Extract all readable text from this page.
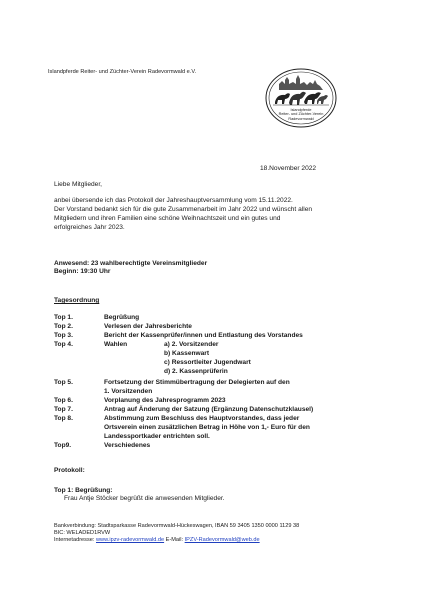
Islandpferde Reiter- und Züchter-Verein Radevormwald e.V.
Islandpferde
Reiter- und Züchter-Verein
Radevormwald
18.November 2022
Liebe Mitglieder,
anbei übersende ich das Protokoll der Jahreshauptversammlung vom 15.11.2022.
Der Vorstand bedankt sich für die gute Zusammenarbeit im Jahr 2022 und wünscht allen
Mitgliedern und ihren Familien eine schöne Weihnachtszeit und ein gutes und
erfolgreiches Jahr 2023.
Anwesend: 23 wahlberechtigte Vereinsmitglieder
Beginn: 19:30 Uhr
Tagesordnung
Top 1.	Begrüßung
Top 2.	Verlesen der Jahresberichte
Top 3.	Bericht der Kassenprüfer/innen und Entlastung des Vorstandes
Top 4.	Wahlen	a) 2. Vorsitzender
b) Kassenwart
c) Ressortleiter Jugendwart
d) 2. Kassenprüferin
Top 5.	Fortsetzung der Stimmübertragung der Delegierten auf den
1. Vorsitzenden
Top 6.	Vorplanung des Jahresprogramm 2023
Top 7.	Antrag auf Änderung der Satzung (Ergänzung Datenschutzklausel)
Top 8.	Abstimmung zum Beschluss des Hauptvorstandes, dass jeder
Ortsverein einen zusätzlichen Betrag in Höhe von 1,- Euro für den
Landessportkader entrichten soll.
Top9.	Verschiedenes
Protokoll:
Top 1: Begrüßung:
Frau Antje Stöcker begrüßt die anwesenden Mitglieder.
Bankverbindung: Stadtsparkasse Radevormwald-Hückeswagen, IBAN 59 3405 1350 0000 1129 38
BIC: WELADED1RVW
Internetadresse: www.ipzv-radevormwald.de E-Mail: IPZV-Radevormwald@web.de
